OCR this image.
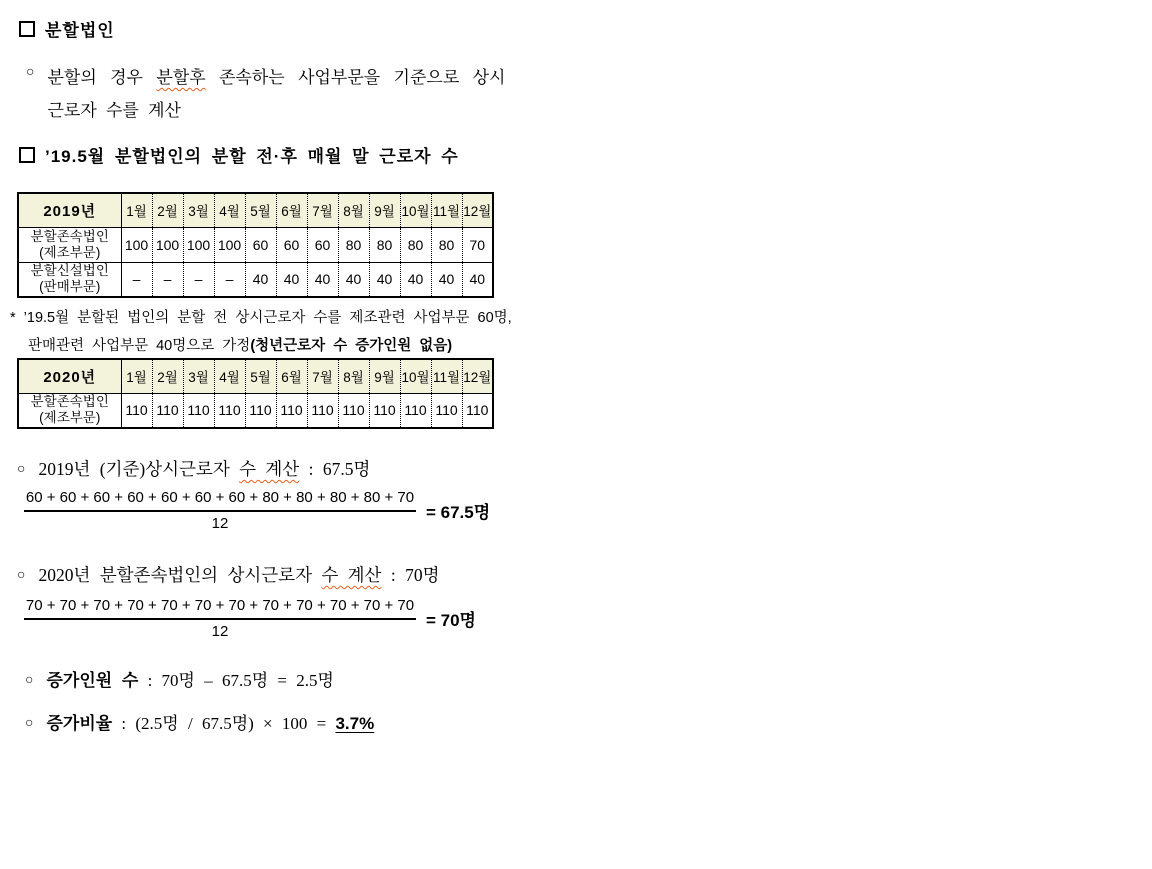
분할법인
○ 분할의 경우 분할후 존속하는 사업부문을 기준으로 상시 근로자 수를 계산
’19.5월 분할법인의 분할 전·후 매월 말 근로자 수
2019년	1월	2월	3월	4월	5월	6월	7월	8월	9월	10월	11월	12월

분할존속법인
(제조부문)	100	100	100	100	60	60	60	80	80	80	80	70

분할신설법인
(판매부문)	–	–	–	–	40	40	40	40	40	40	40	40
* ’19.5월 분할된 법인의 분할 전 상시근로자 수를 제조관련 사업부문 60명,
판매관련 사업부문 40명으로 가정(청년근로자 수 증가인원 없음)
2020년	1월	2월	3월	4월	5월	6월	7월	8월	9월	10월	11월	12월

분할존속법인
(제조부문)	110	110	110	110	110	110	110	110	110	110	110	110
○ 2019년 (기준)상시근로자 수 계산 : 67.5명
$\frac{60 + 60 + 60 + 60 + 60 + 60 + 60 + 80 + 80 + 80 + 80 + 70}{12} = 67.5$명
○ 2020년 분할존속법인의 상시근로자 수 계산 : 70명
$\frac{70 + 70 + 70 + 70 + 70 + 70 + 70 + 70 + 70 + 70 + 70 + 70}{12} = 70$명
○ 증가인원 수 : 70명 – 67.5명 = 2.5명
○ 증가비율 : (2.5명 / 67.5명) × 100 = 3.7%
